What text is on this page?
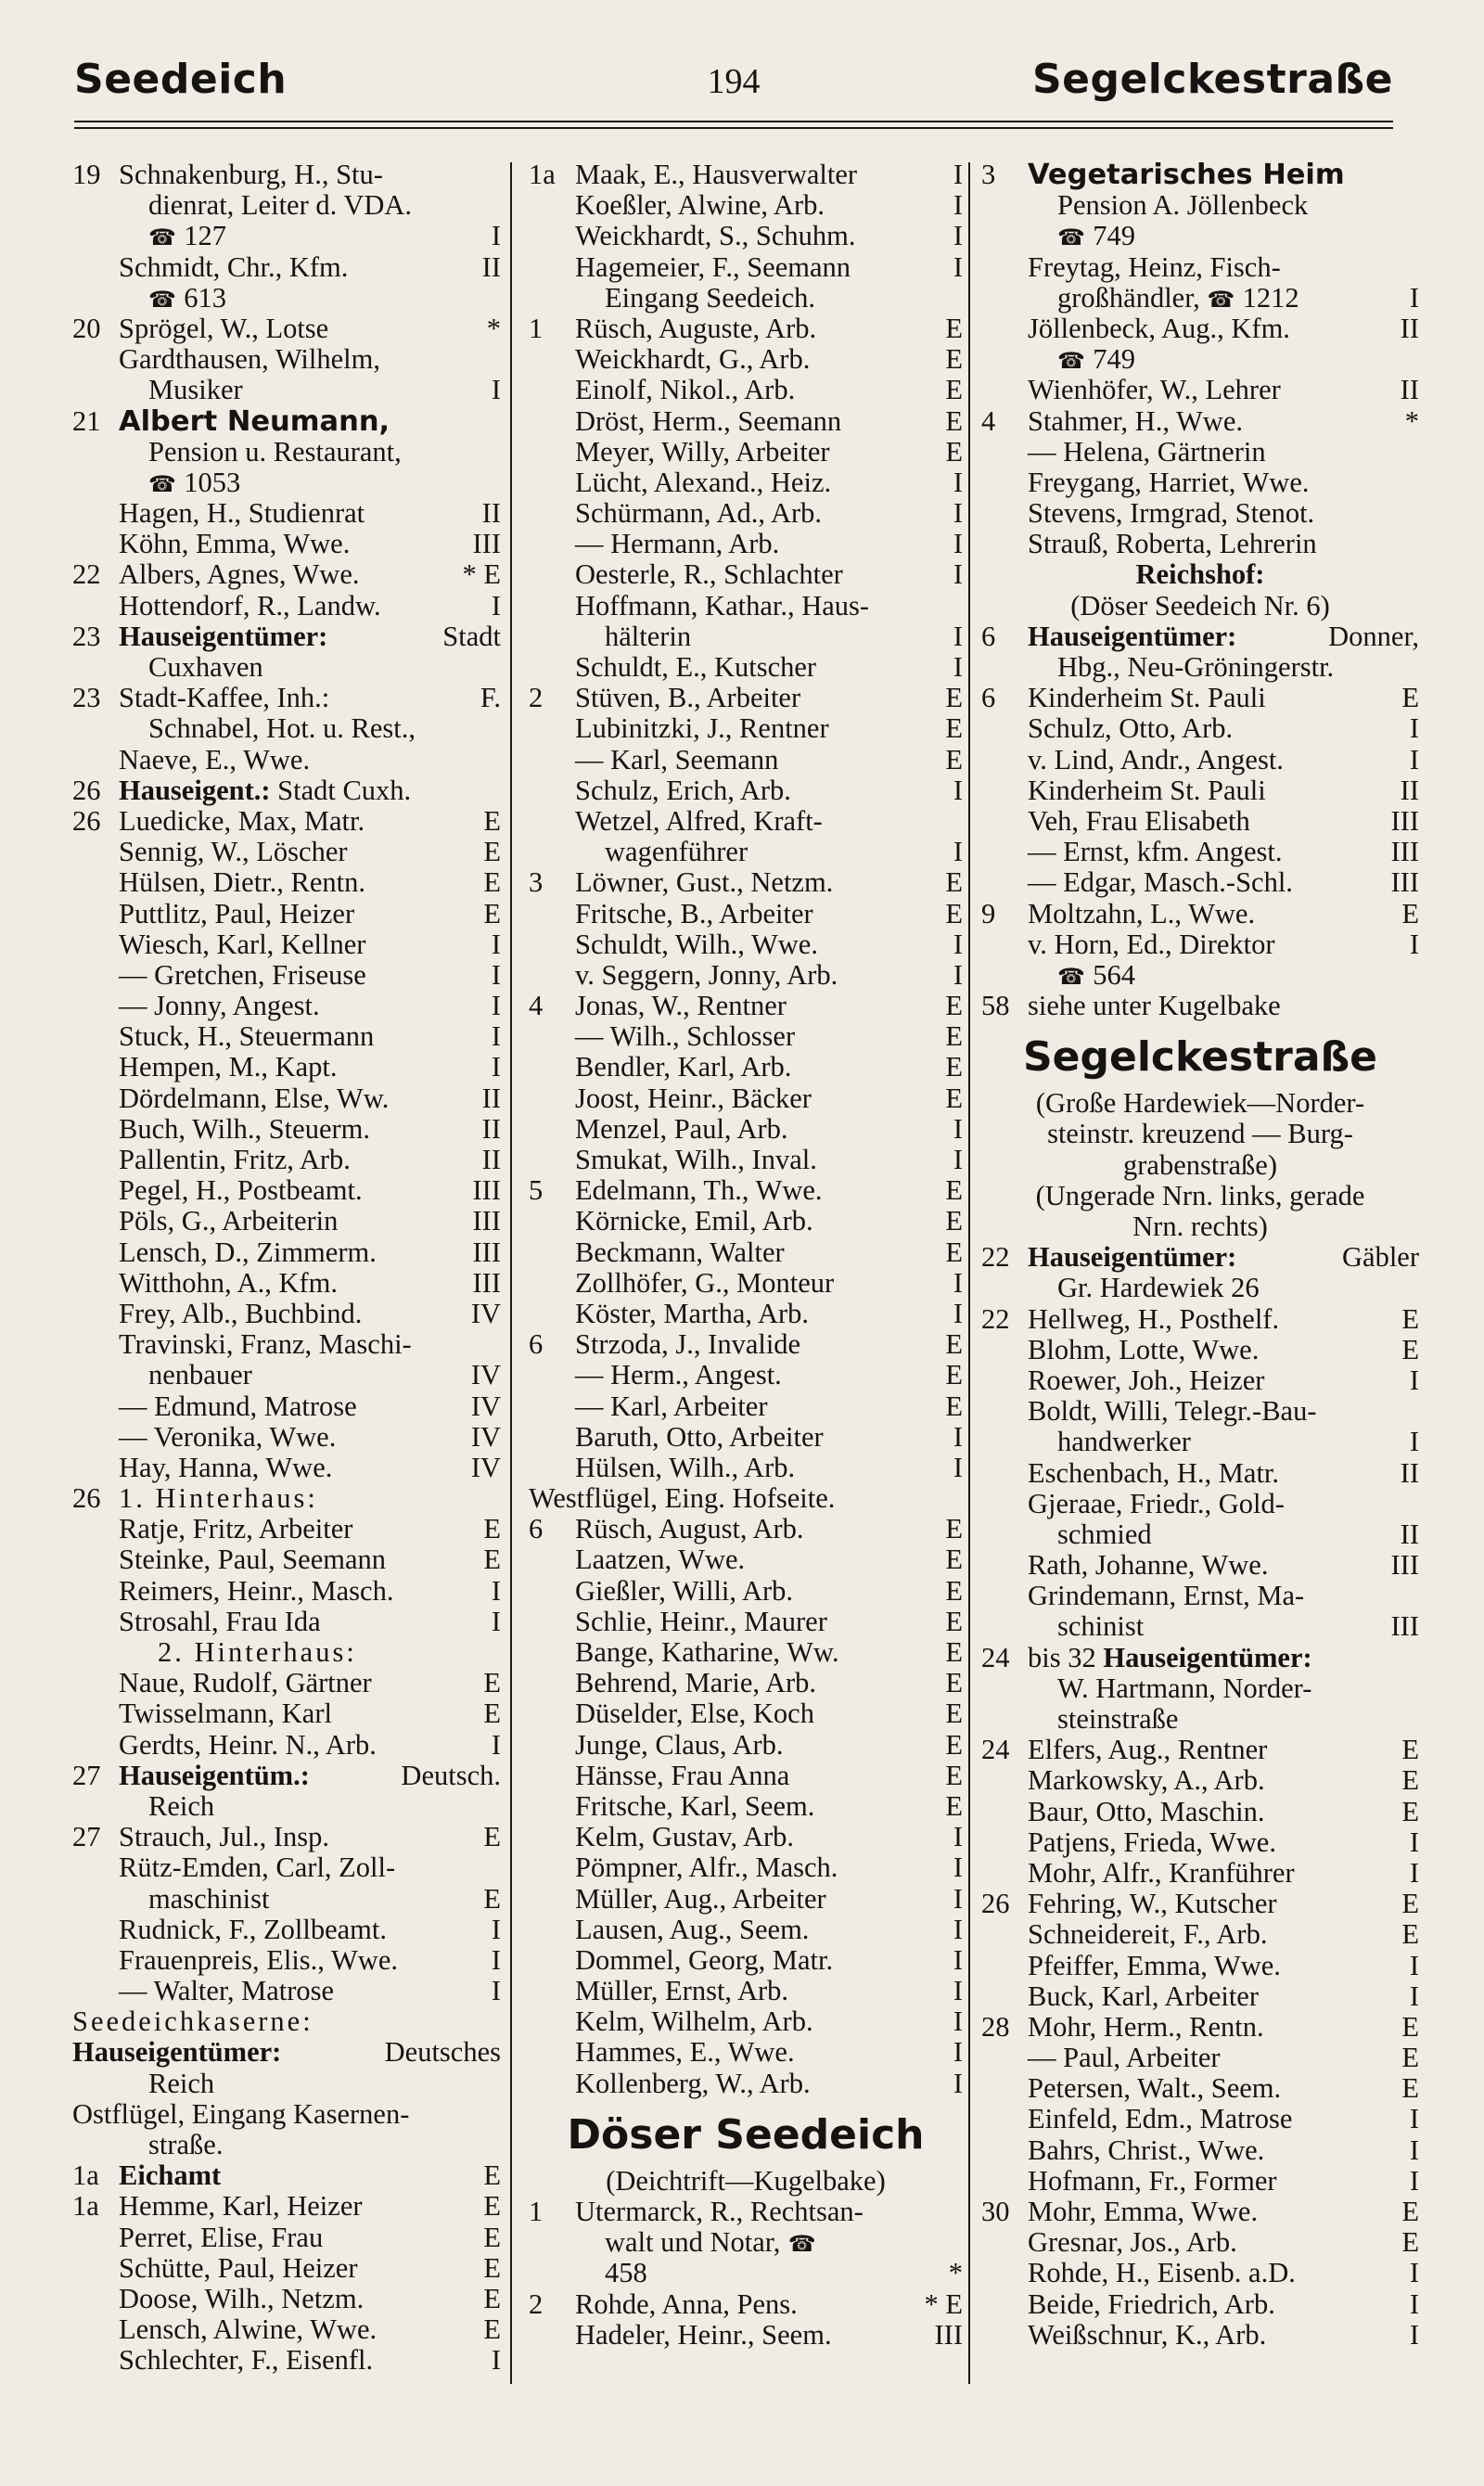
Seedeich	194	Segelckestraße
19 Schnakenburg, H., Stu-
dienrat, Leiter d. VDA.
☎ 127	I
Schmidt, Chr., Kfm.	II
☎ 613
20 Sprögel, W., Lotse	*
Gardthausen, Wilhelm,
Musiker	I
21 Albert Neumann,
Pension u. Restaurant,
☎ 1053
Hagen, H., Studienrat	II
Köhn, Emma, Wwe.	III
22 Albers, Agnes, Wwe.	* E
Hottendorf, R., Landw.	I
23 Hauseigentümer:	Stadt
Cuxhaven
23 Stadt-Kaffee, Inh.:	F.
Schnabel, Hot. u. Rest.,
Naeve, E., Wwe.
26 Hauseigent.: Stadt Cuxh.
26 Luedicke, Max, Matr.	E
Sennig, W., Löscher	E
Hülsen, Dietr., Rentn.	E
Puttlitz, Paul, Heizer	E
Wiesch, Karl, Kellner	I
— Gretchen, Friseuse	I
— Jonny, Angest.	I
Stuck, H., Steuermann	I
Hempen, M., Kapt.	I
Dördelmann, Else, Ww.	II
Buch, Wilh., Steuerm.	II
Pallentin, Fritz, Arb.	II
Pegel, H., Postbeamt.	III
Pöls, G., Arbeiterin	III
Lensch, D., Zimmerm.	III
Witthohn, A., Kfm.	III
Frey, Alb., Buchbind.	IV
Travinski, Franz, Maschi-
nenbauer	IV
— Edmund, Matrose	IV
— Veronika, Wwe.	IV
Hay, Hanna, Wwe.	IV
26 1. Hinterhaus:
Ratje, Fritz, Arbeiter	E
Steinke, Paul, Seemann	E
Reimers, Heinr., Masch.	I
Strosahl, Frau Ida	I
2. Hinterhaus:
Naue, Rudolf, Gärtner	E
Twisselmann, Karl	E
Gerdts, Heinr. N., Arb.	I
27 Hauseigentüm.:	Deutsch.
Reich
27 Strauch, Jul., Insp.	E
Rütz-Emden, Carl, Zoll-
maschinist	E
Rudnick, F., Zollbeamt.	I
Frauenpreis, Elis., Wwe.	I
— Walter, Matrose	I
Seedeichkaserne:
Hauseigentümer:	Deutsches
Reich
Ostflügel, Eingang Kasernen-
straße.
1a Eichamt	E
1a Hemme, Karl, Heizer	E
Perret, Elise, Frau	E
Schütte, Paul, Heizer	E
Doose, Wilh., Netzm.	E
Lensch, Alwine, Wwe.	E
Schlechter, F., Eisenfl.	I
1a Maak, E., Hausverwalter	I
Koeßler, Alwine, Arb.	I
Weickhardt, S., Schuhm.	I
Hagemeier, F., Seemann	I
Eingang Seedeich.
1 Rüsch, Auguste, Arb.	E
Weickhardt, G., Arb.	E
Einolf, Nikol., Arb.	E
Dröst, Herm., Seemann	E
Meyer, Willy, Arbeiter	E
Lücht, Alexand., Heiz.	I
Schürmann, Ad., Arb.	I
— Hermann, Arb.	I
Oesterle, R., Schlachter	I
Hoffmann, Kathar., Haus-
hälterin	I
Schuldt, E., Kutscher	I
2 Stüven, B., Arbeiter	E
Lubinitzki, J., Rentner	E
— Karl, Seemann	E
Schulz, Erich, Arb.	I
Wetzel, Alfred, Kraft-
wagenführer	I
3 Löwner, Gust., Netzm.	E
Fritsche, B., Arbeiter	E
Schuldt, Wilh., Wwe.	I
v. Seggern, Jonny, Arb.	I
4 Jonas, W., Rentner	E
— Wilh., Schlosser	E
Bendler, Karl, Arb.	E
Joost, Heinr., Bäcker	E
Menzel, Paul, Arb.	I
Smukat, Wilh., Inval.	I
5 Edelmann, Th., Wwe.	E
Körnicke, Emil, Arb.	E
Beckmann, Walter	E
Zollhöfer, G., Monteur	I
Köster, Martha, Arb.	I
6 Strzoda, J., Invalide	E
— Herm., Angest.	E
— Karl, Arbeiter	E
Baruth, Otto, Arbeiter	I
Hülsen, Wilh., Arb.	I
Westflügel, Eing. Hofseite.
6 Rüsch, August, Arb.	E
Laatzen, Wwe.	E
Gießler, Willi, Arb.	E
Schlie, Heinr., Maurer	E
Bange, Katharine, Ww.	E
Behrend, Marie, Arb.	E
Düselder, Else, Koch	E
Junge, Claus, Arb.	E
Hänsse, Frau Anna	E
Fritsche, Karl, Seem.	E
Kelm, Gustav, Arb.	I
Pömpner, Alfr., Masch.	I
Müller, Aug., Arbeiter	I
Lausen, Aug., Seem.	I
Dommel, Georg, Matr.	I
Müller, Ernst, Arb.	I
Kelm, Wilhelm, Arb.	I
Hammes, E., Wwe.	I
Kollenberg, W., Arb.	I
Döser Seedeich
(Deichtrift—Kugelbake)
1 Utermarck, R., Rechtsan-
walt und Notar, ☎
458	*
2 Rohde, Anna, Pens.	* E
Hadeler, Heinr., Seem.	III
3 Vegetarisches Heim
Pension A. Jöllenbeck
☎ 749
Freytag, Heinz, Fisch-
großhändler, ☎ 1212	I
Jöllenbeck, Aug., Kfm.	II
☎ 749
Wienhöfer, W., Lehrer	II
4 Stahmer, H., Wwe.	*
— Helena, Gärtnerin
Freygang, Harriet, Wwe.
Stevens, Irmgrad, Stenot.
Strauß, Roberta, Lehrerin
Reichshof:
(Döser Seedeich Nr. 6)
6 Hauseigentümer:	Donner,
Hbg., Neu-Gröningerstr.
6 Kinderheim St. Pauli	E
Schulz, Otto, Arb.	I
v. Lind, Andr., Angest.	I
Kinderheim St. Pauli	II
Veh, Frau Elisabeth	III
— Ernst, kfm. Angest.	III
— Edgar, Masch.-Schl.	III
9 Moltzahn, L., Wwe.	E
v. Horn, Ed., Direktor	I
☎ 564
58 siehe unter Kugelbake
Segelckestraße
(Große Hardewiek—Norder-
steinstr. kreuzend — Burg-
grabenstraße)
(Ungerade Nrn. links, gerade
Nrn. rechts)
22 Hauseigentümer:	Gäbler
Gr. Hardewiek 26
22 Hellweg, H., Posthelf.	E
Blohm, Lotte, Wwe.	E
Roewer, Joh., Heizer	I
Boldt, Willi, Telegr.-Bau-
handwerker	I
Eschenbach, H., Matr.	II
Gjeraae, Friedr., Gold-
schmied	II
Rath, Johanne, Wwe.	III
Grindemann, Ernst, Ma-
schinist	III
24 bis 32 Hauseigentümer:
W. Hartmann, Norder-
steinstraße
24 Elfers, Aug., Rentner	E
Markowsky, A., Arb.	E
Baur, Otto, Maschin.	E
Patjens, Frieda, Wwe.	I
Mohr, Alfr., Kranführer	I
26 Fehring, W., Kutscher	E
Schneidereit, F., Arb.	E
Pfeiffer, Emma, Wwe.	I
Buck, Karl, Arbeiter	I
28 Mohr, Herm., Rentn.	E
— Paul, Arbeiter	E
Petersen, Walt., Seem.	E
Einfeld, Edm., Matrose	I
Bahrs, Christ., Wwe.	I
Hofmann, Fr., Former	I
30 Mohr, Emma, Wwe.	E
Gresnar, Jos., Arb.	E
Rohde, H., Eisenb. a.D.	I
Beide, Friedrich, Arb.	I
Weißschnur, K., Arb.	I
